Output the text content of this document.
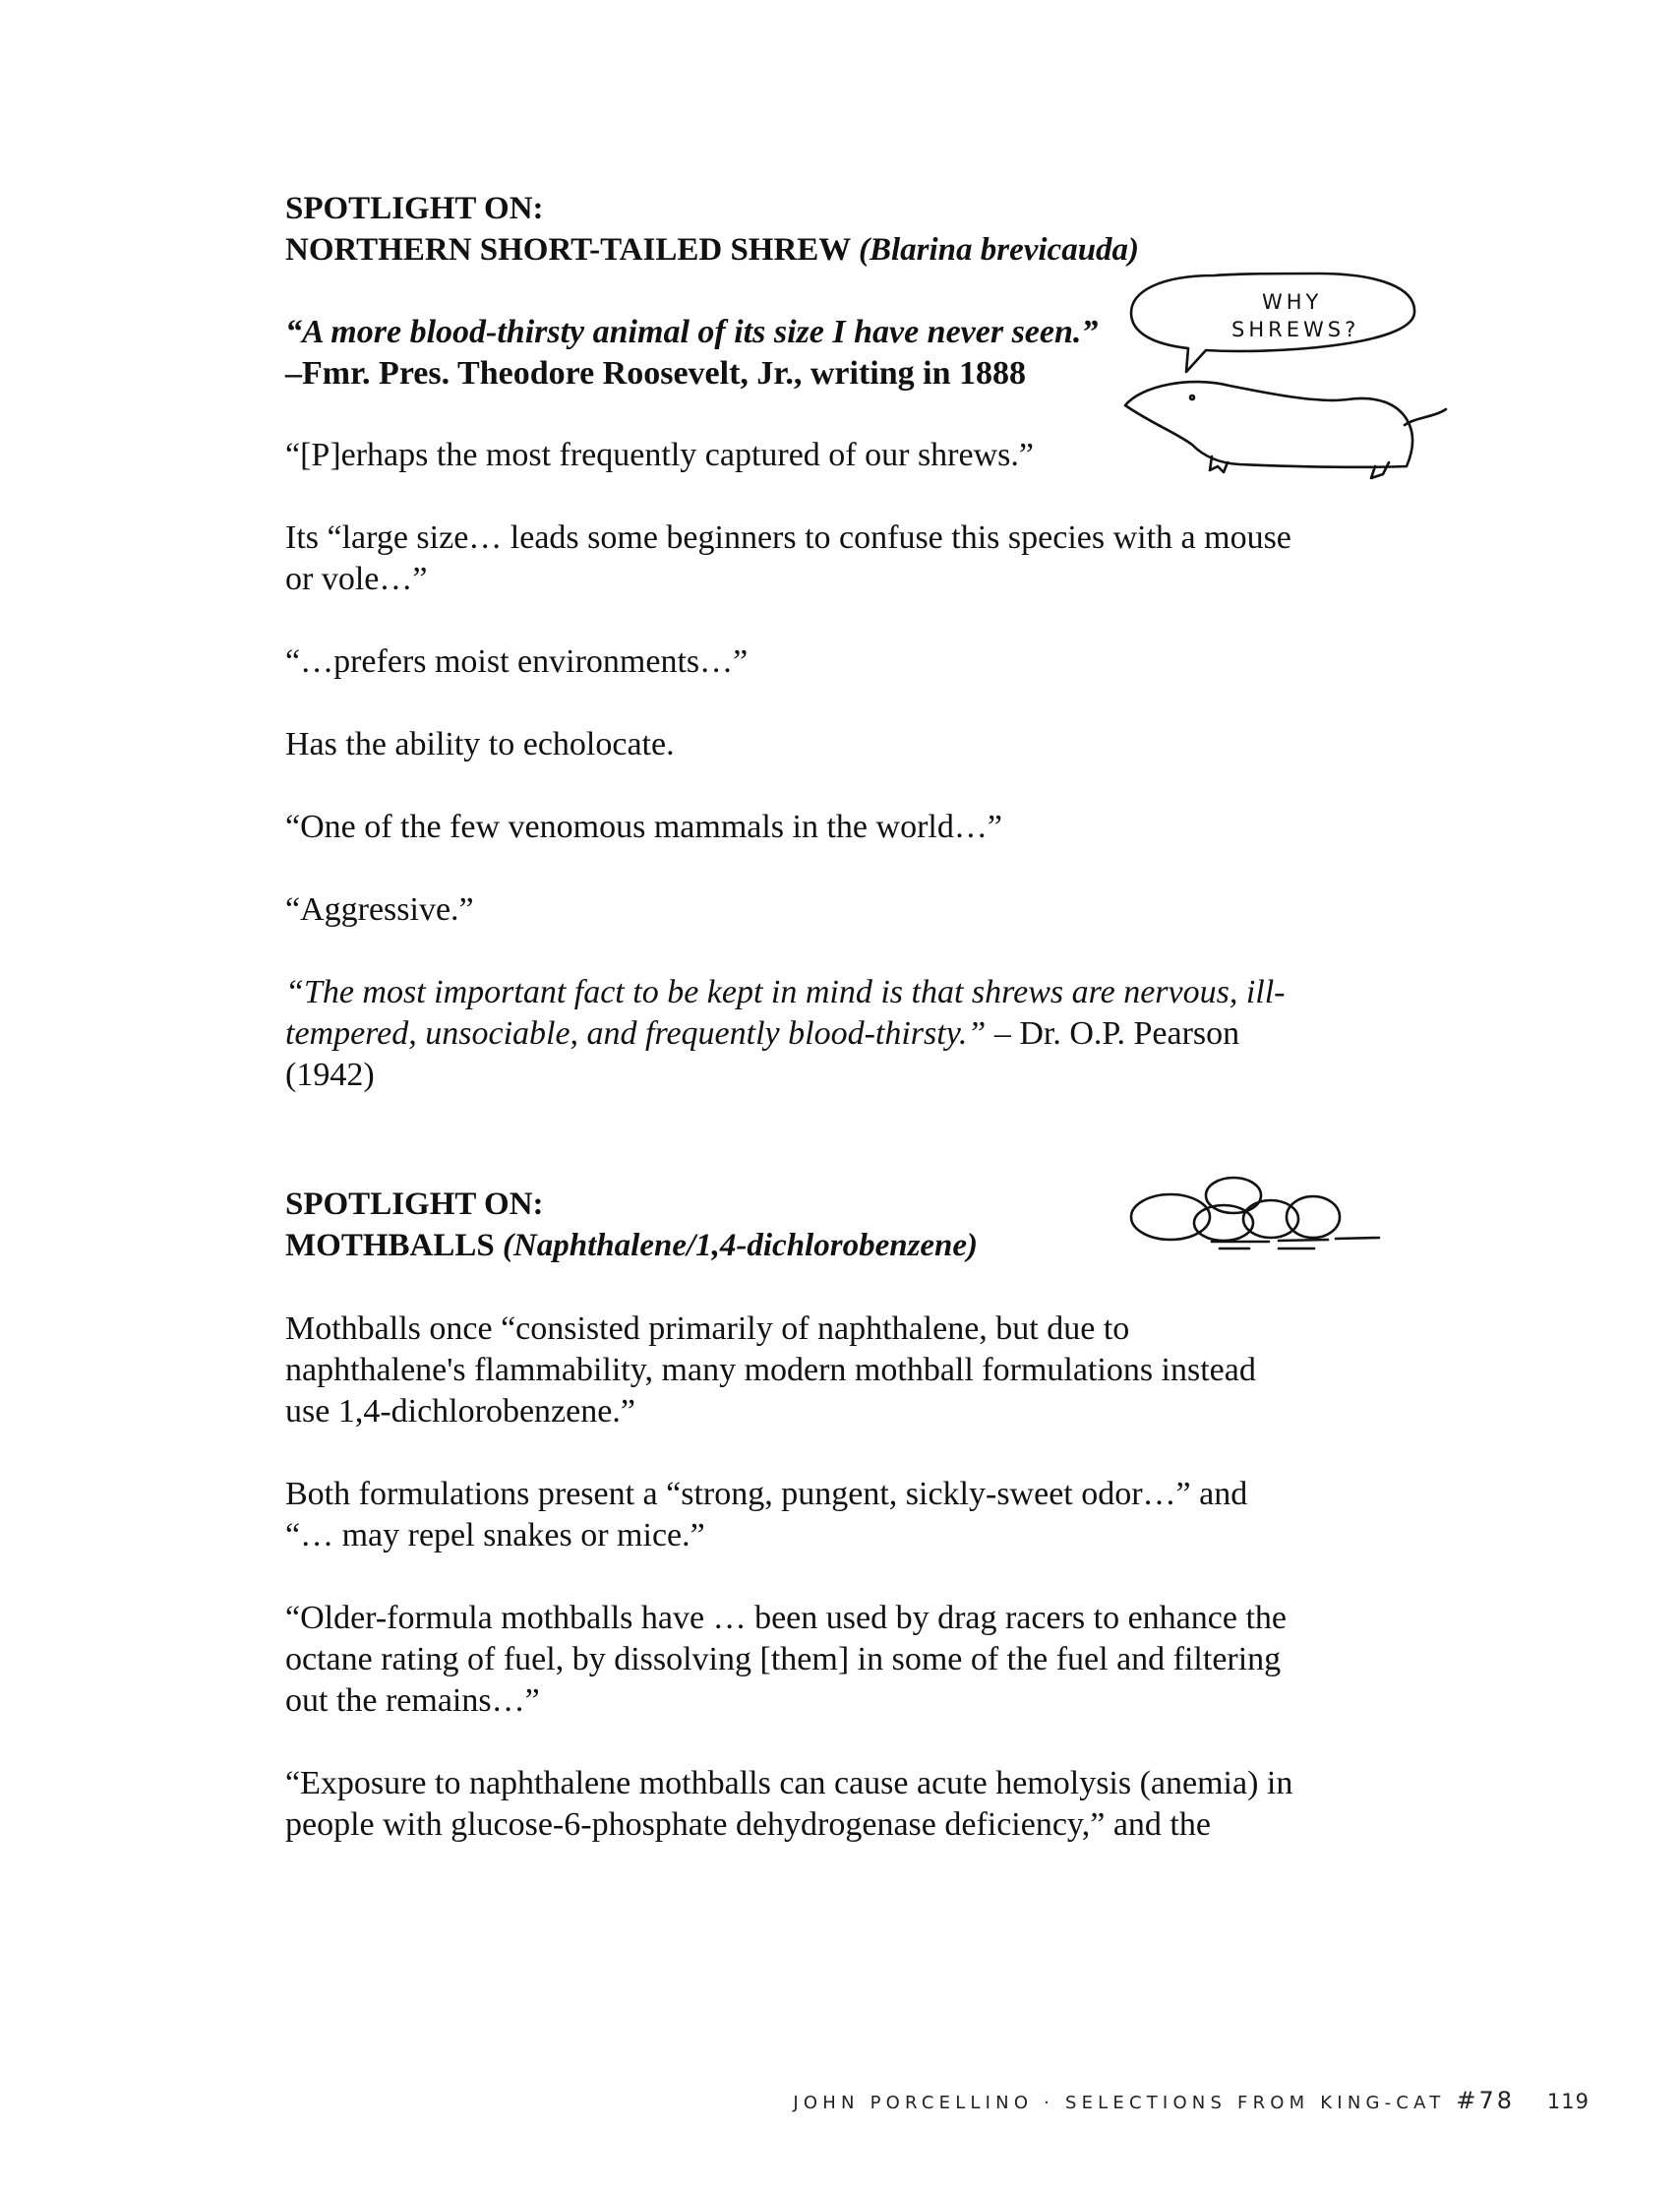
SPOTLIGHT ON:
NORTHERN SHORT-TAILED SHREW (Blarina brevicauda)
“A more blood-thirsty animal of its size I have never seen.”
–Fmr. Pres. Theodore Roosevelt, Jr., writing in 1888
WHY
SHREWS?
“[P]erhaps the most frequently captured of our shrews.”
Its “large size… leads some beginners to confuse this species with a mouse
or vole…”
“…prefers moist environments…”
Has the ability to echolocate.
“One of the few venomous mammals in the world…”
“Aggressive.”
“The most important fact to be kept in mind is that shrews are nervous, ill-
tempered, unsociable, and frequently blood-thirsty.” – Dr. O.P. Pearson
(1942)
SPOTLIGHT ON:
MOTHBALLS (Naphthalene/1,4-dichlorobenzene)
Mothballs once “consisted primarily of naphthalene, but due to
naphthalene's flammability, many modern mothball formulations instead
use 1,4-dichlorobenzene.”
Both formulations present a “strong, pungent, sickly-sweet odor…” and
“… may repel snakes or mice.”
“Older-formula mothballs have … been used by drag racers to enhance the
octane rating of fuel, by dissolving [them] in some of the fuel and filtering
out the remains…”
“Exposure to naphthalene mothballs can cause acute hemolysis (anemia) in
people with glucose-6-phosphate dehydrogenase deficiency,” and the
JOHN PORCELLINO · SELECTIONS FROM KING-CAT #78 119
